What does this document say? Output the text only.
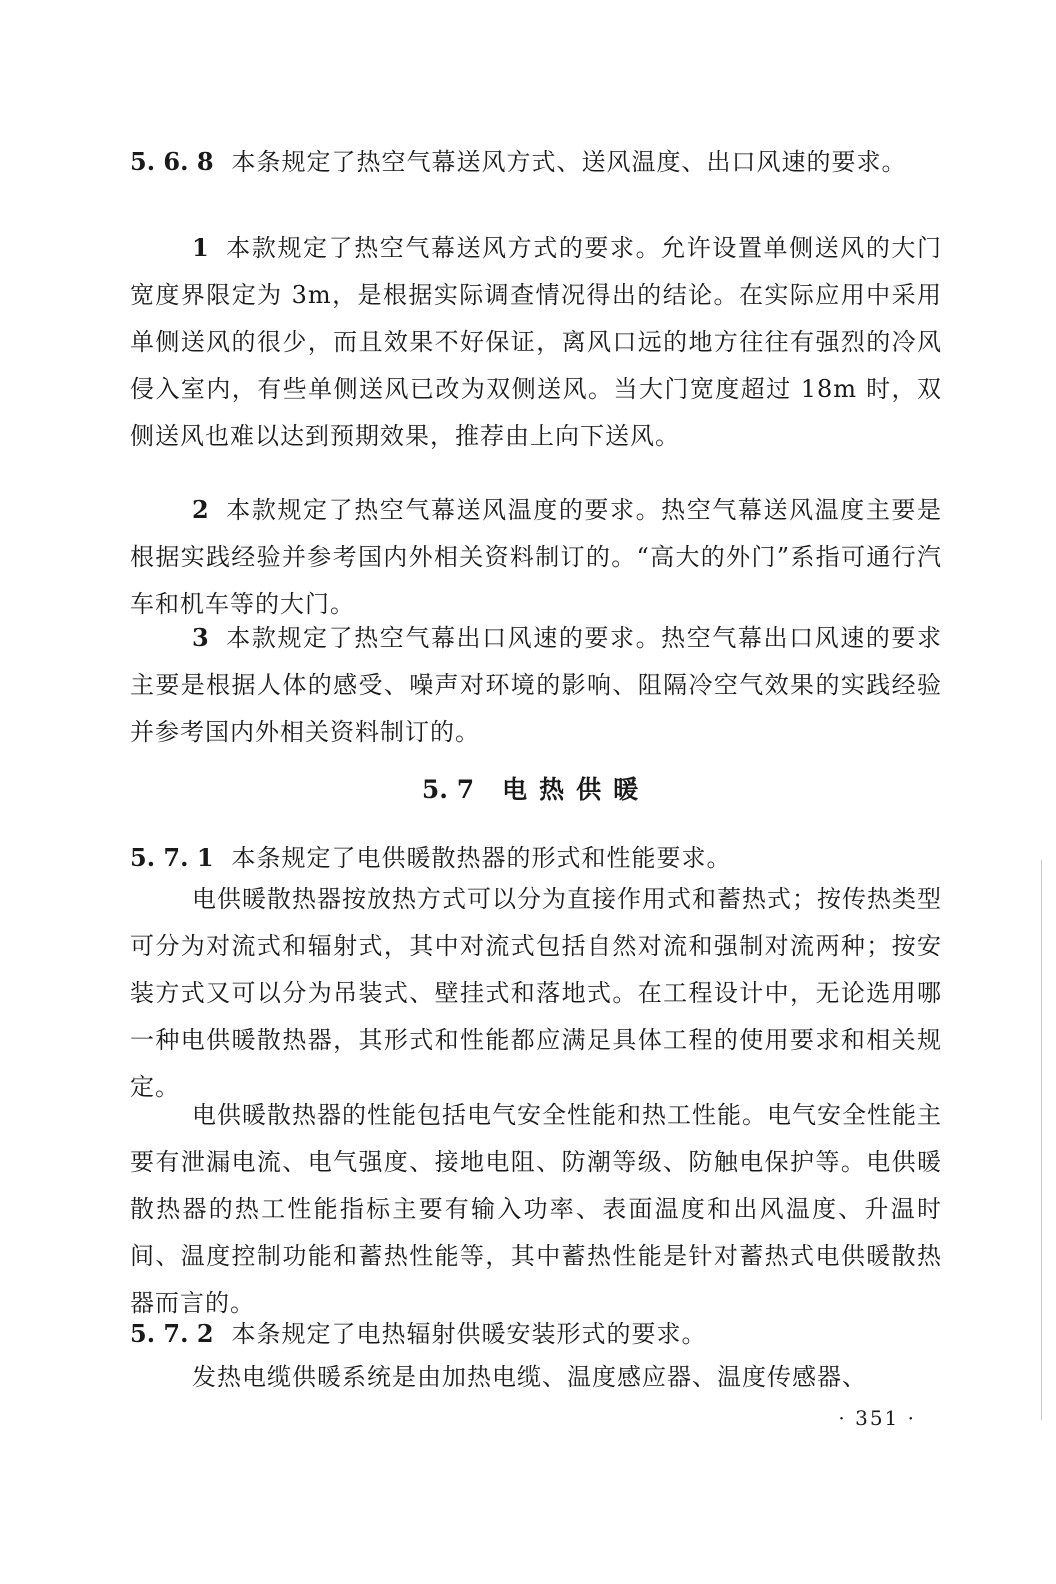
5. 6. 8 本条规定了热空气幕送风方式、送风温度、出口风速的要求。
1 本款规定了热空气幕送风方式的要求。允许设置单侧送风的大门宽度界限定为 3m，是根据实际调查情况得出的结论。在实际应用中采用单侧送风的很少，而且效果不好保证，离风口远的地方往往有强烈的冷风侵入室内，有些单侧送风已改为双侧送风。当大门宽度超过 18m 时，双侧送风也难以达到预期效果，推荐由上向下送风。
2 本款规定了热空气幕送风温度的要求。热空气幕送风温度主要是根据实践经验并参考国内外相关资料制订的。“高大的外门”系指可通行汽车和机车等的大门。
3 本款规定了热空气幕出口风速的要求。热空气幕出口风速的要求主要是根据人体的感受、噪声对环境的影响、阻隔冷空气效果的实践经验并参考国内外相关资料制订的。
5. 7 电热供暖
5. 7. 1 本条规定了电供暖散热器的形式和性能要求。
电供暖散热器按放热方式可以分为直接作用式和蓄热式；按传热类型可分为对流式和辐射式，其中对流式包括自然对流和强制对流两种；按安装方式又可以分为吊装式、壁挂式和落地式。在工程设计中，无论选用哪一种电供暖散热器，其形式和性能都应满足具体工程的使用要求和相关规定。
电供暖散热器的性能包括电气安全性能和热工性能。电气安全性能主要有泄漏电流、电气强度、接地电阻、防潮等级、防触电保护等。电供暖散热器的热工性能指标主要有输入功率、表面温度和出风温度、升温时间、温度控制功能和蓄热性能等，其中蓄热性能是针对蓄热式电供暖散热器而言的。
5. 7. 2 本条规定了电热辐射供暖安装形式的要求。
发热电缆供暖系统是由加热电缆、温度感应器、温度传感器、
· 351 ·
